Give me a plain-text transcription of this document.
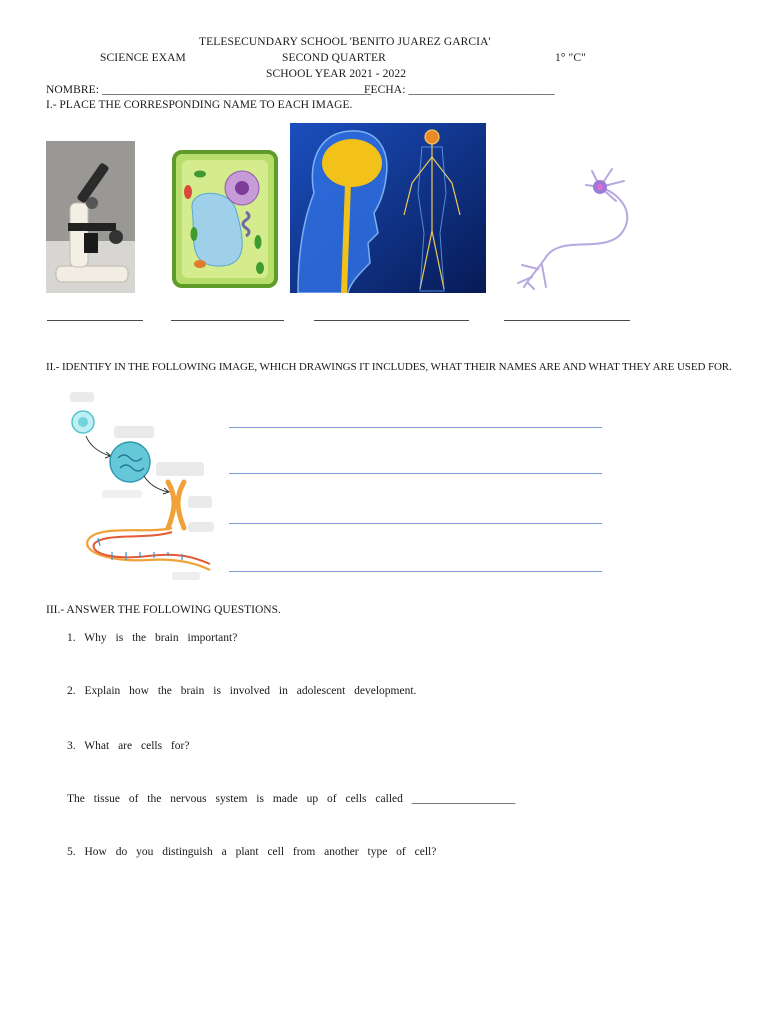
TELESECUNDARY SCHOOL 'BENITO JUAREZ GARCIA'
SCIENCE EXAM	SECOND QUARTER	1° "C"
SCHOOL YEAR 2021 - 2022
NOMBRE: ______________________________________________
FECHA: _________________________
I.- PLACE THE CORRESPONDING NAME TO EACH IMAGE.
II.- IDENTIFY IN THE FOLLOWING IMAGE, WHICH DRAWINGS IT INCLUDES, WHAT THEIR NAMES ARE AND WHAT THEY ARE USED FOR.
III.- ANSWER THE FOLLOWING QUESTIONS.
1. Why is the brain important?
2. Explain how the brain is involved in adolescent development.
3. What are cells for?
The tissue of the nervous system is made up of cells called __________________
5. How do you distinguish a plant cell from another type of cell?
